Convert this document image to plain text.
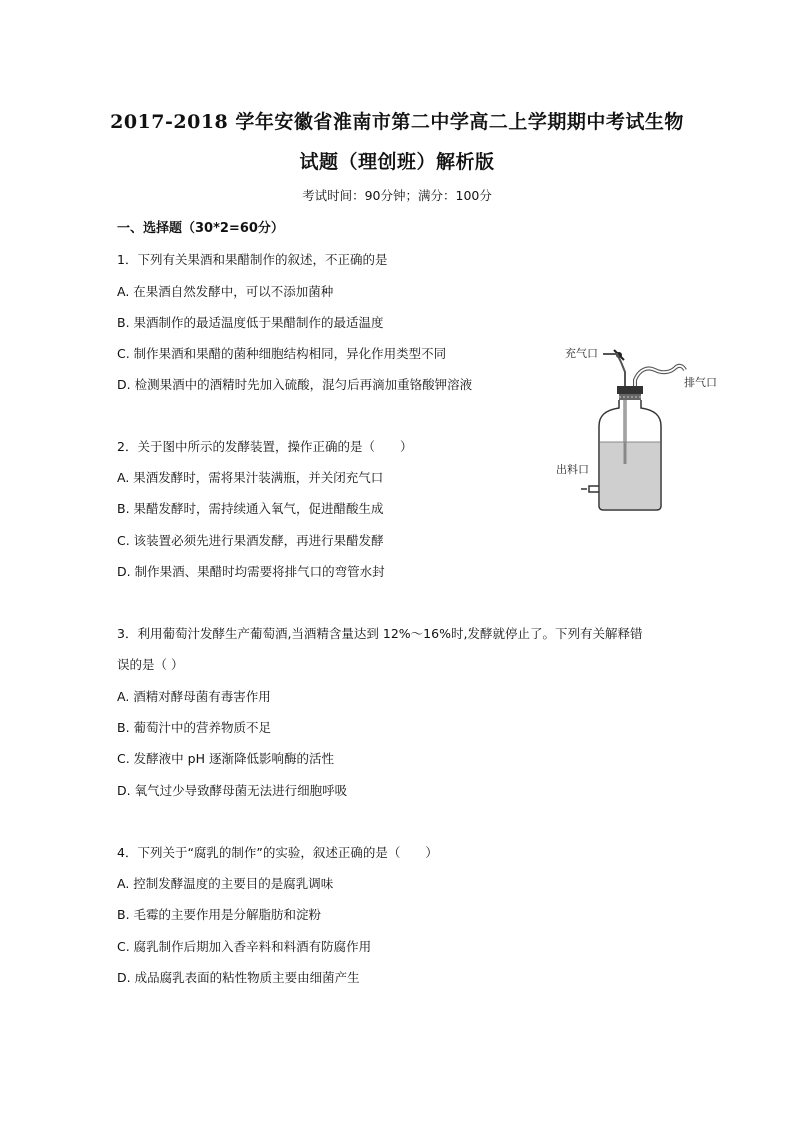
2017-2018 学年安徽省淮南市第二中学高二上学期期中考试生物
试题（理创班）解析版
考试时间：90分钟；满分：100分
一、选择题（30*2=60分）
1．下列有关果酒和果醋制作的叙述，不正确的是
A. 在果酒自然发酵中，可以不添加菌种
B. 果酒制作的最适温度低于果醋制作的最适温度
C. 制作果酒和果醋的菌种细胞结构相同，异化作用类型不同
D. 检测果酒中的酒精时先加入硫酸，混匀后再滴加重铬酸钾溶液
2．关于图中所示的发酵装置，操作正确的是（　　）
A. 果酒发酵时，需将果汁装满瓶，并关闭充气口
B. 果醋发酵时，需持续通入氧气，促进醋酸生成
C. 该装置必须先进行果酒发酵，再进行果醋发酵
D. 制作果酒、果醋时均需要将排气口的弯管水封
3．利用葡萄汁发酵生产葡萄酒,当酒精含量达到 12%～16%时,发酵就停止了。下列有关解释错
误的是（ ）
A. 酒精对酵母菌有毒害作用
B. 葡萄汁中的营养物质不足
C. 发酵液中 pH 逐渐降低影响酶的活性
D. 氧气过少导致酵母菌无法进行细胞呼吸
4．下列关于“腐乳的制作”的实验，叙述正确的是（　　）
A. 控制发酵温度的主要目的是腐乳调味
B. 毛霉的主要作用是分解脂肪和淀粉
C. 腐乳制作后期加入香辛料和料酒有防腐作用
D. 成品腐乳表面的粘性物质主要由细菌产生
充气口
排气口
出料口
